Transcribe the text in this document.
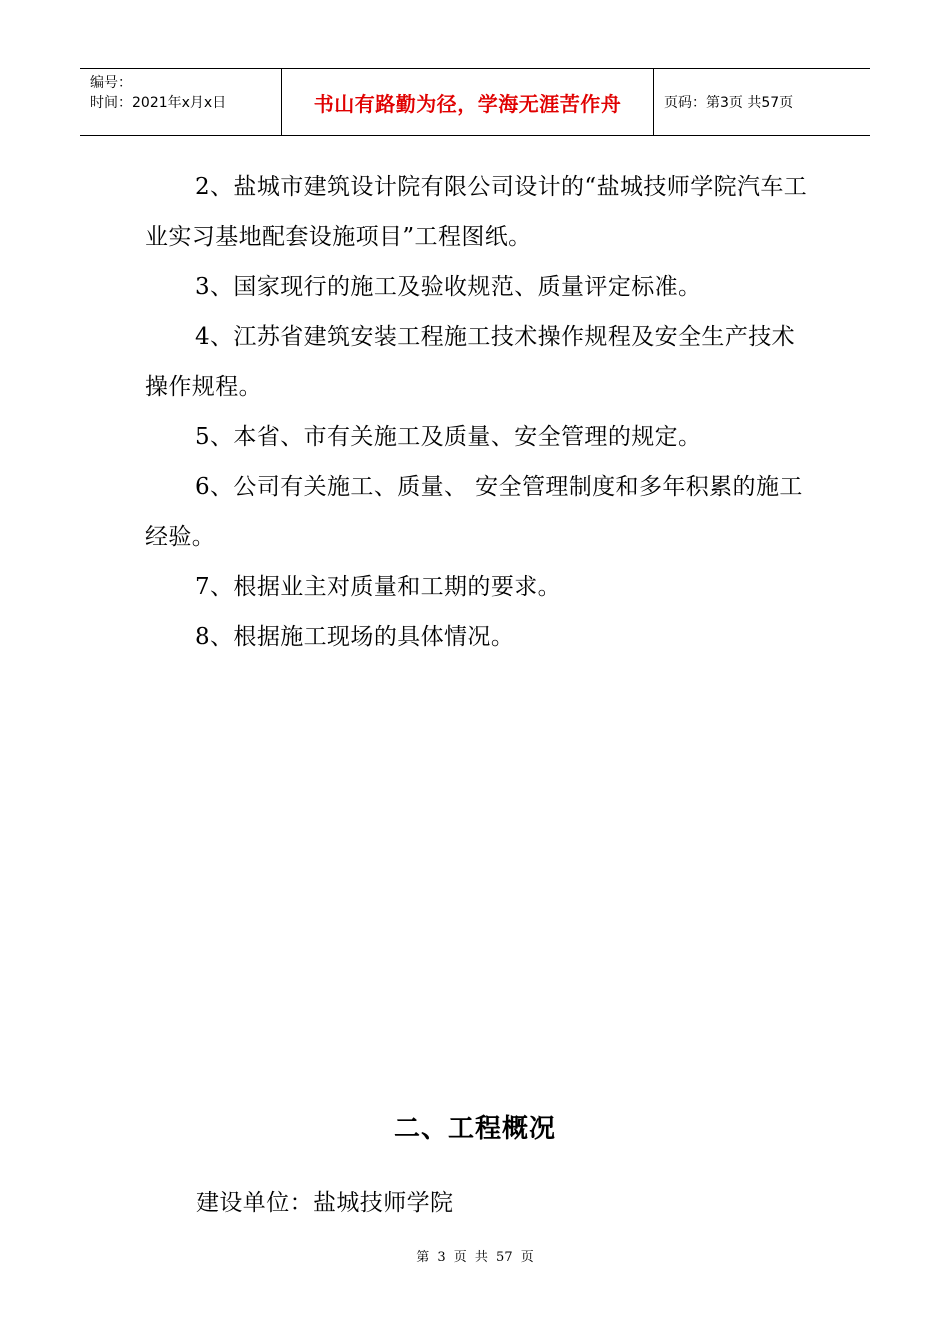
编号：
时间：2021年x月x日	书山有路勤为径，学海无涯苦作舟	页码：第3页 共57页

2、盐城市建筑设计院有限公司设计的“盐城技师学院汽车工业实习基地配套设施项目”工程图纸。

3、国家现行的施工及验收规范、质量评定标准。

4、江苏省建筑安装工程施工技术操作规程及安全生产技术操作规程。

5、本省、市有关施工及质量、安全管理的规定。

6、公司有关施工、质量、 安全管理制度和多年积累的施工经验。

7、根据业主对质量和工期的要求。

8、根据施工现场的具体情况。

二、工程概况
建设单位：盐城技师学院
第 3 页 共 57 页
